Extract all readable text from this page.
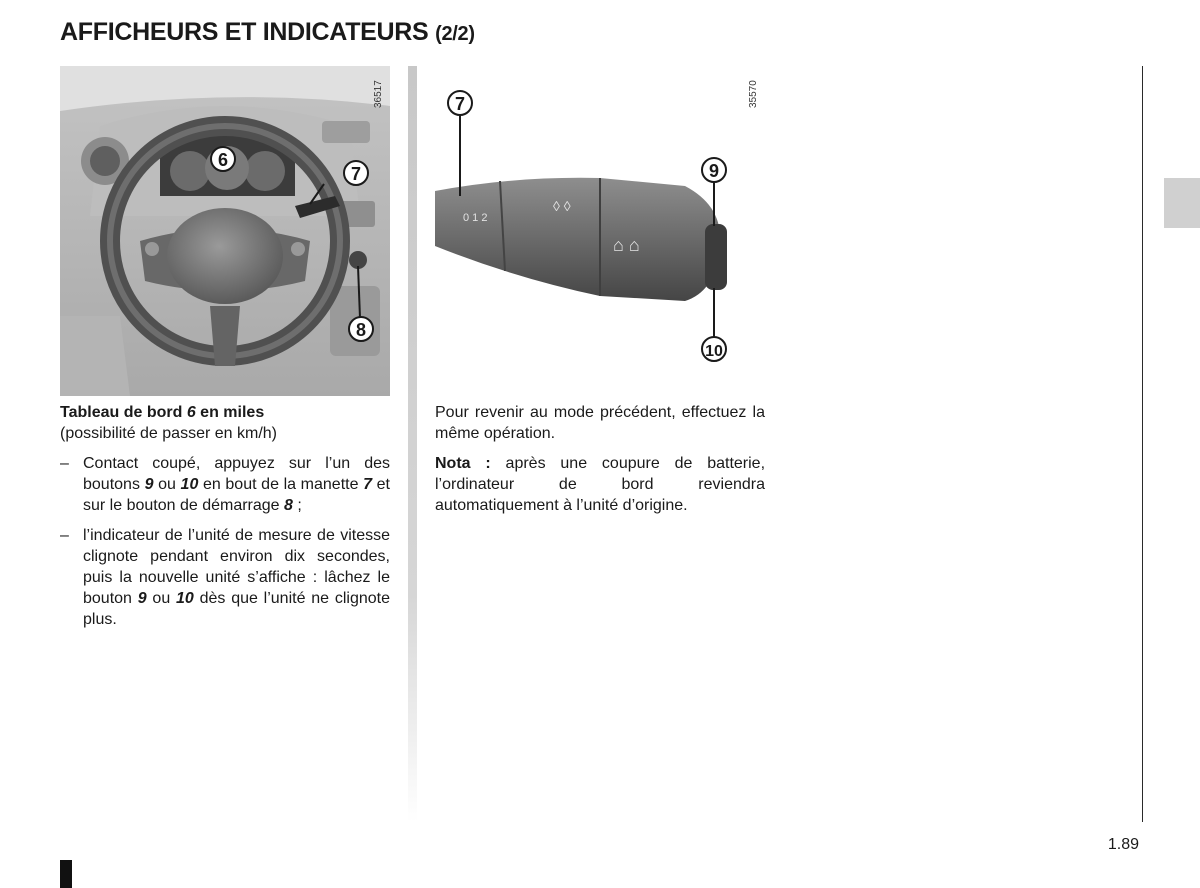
AFFICHEURS ET INDICATEURS (2/2)
6
7
8
36517
0 1 2
◊ ◊
⌂ ⌂
7
9
10
35570
Tableau de bord 6 en miles
(possibilité de passer en km/h)
– Contact coupé, appuyez sur l’un des boutons 9 ou 10 en bout de la manette 7 et sur le bouton de démarrage 8 ;
– l’indicateur de l’unité de mesure de vitesse clignote pendant environ dix secondes, puis la nouvelle unité s’affiche : lâchez le bouton 9 ou 10 dès que l’unité ne clignote plus.

Pour revenir au mode précédent, effectuez la même opération.

Nota : après une coupure de batterie, l’ordinateur de bord reviendra automatiquement à l’unité d’origine.

1.89
